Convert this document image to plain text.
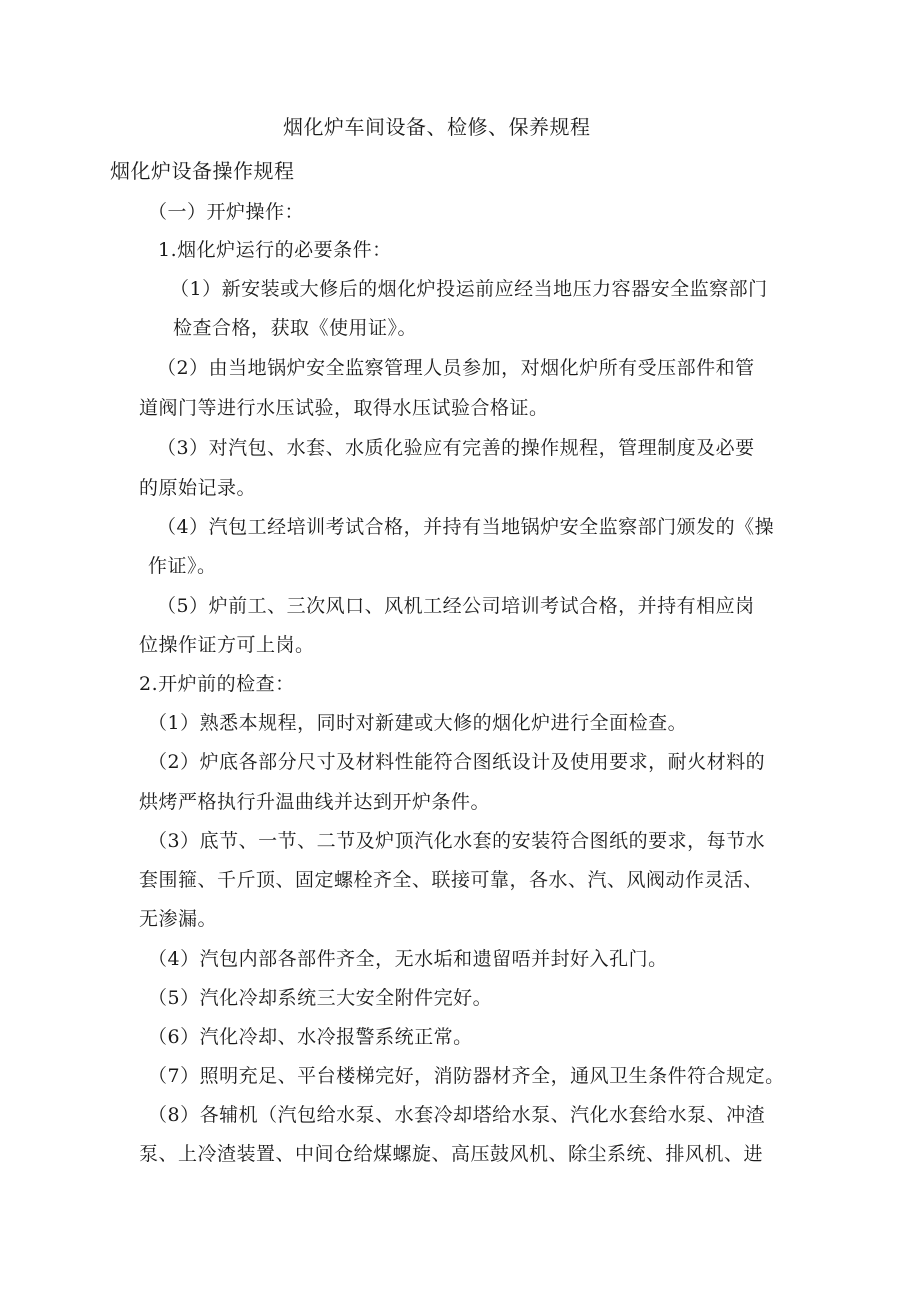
烟化炉车间设备、检修、保养规程
烟化炉设备操作规程
（一）开炉操作：
1.烟化炉运行的必要条件：
（1）新安装或大修后的烟化炉投运前应经当地压力容器安全监察部门
检查合格，获取《使用证》。
（2）由当地锅炉安全监察管理人员参加，对烟化炉所有受压部件和管
道阀门等进行水压试验，取得水压试验合格证。
（3）对汽包、水套、水质化验应有完善的操作规程，管理制度及必要
的原始记录。
（4）汽包工经培训考试合格，并持有当地锅炉安全监察部门颁发的《操
作证》。
（5）炉前工、三次风口、风机工经公司培训考试合格，并持有相应岗
位操作证方可上岗。
2.开炉前的检查：
（1）熟悉本规程，同时对新建或大修的烟化炉进行全面检查。
（2）炉底各部分尺寸及材料性能符合图纸设计及使用要求，耐火材料的
烘烤严格执行升温曲线并达到开炉条件。
（3）底节、一节、二节及炉顶汽化水套的安装符合图纸的要求，每节水
套围箍、千斤顶、固定螺栓齐全、联接可靠，各水、汽、风阀动作灵活、
无渗漏。
（4）汽包内部各部件齐全，无水垢和遗留唔并封好入孔门。
（5）汽化冷却系统三大安全附件完好。
（6）汽化冷却、水冷报警系统正常。
（7）照明充足、平台楼梯完好，消防器材齐全，通风卫生条件符合规定。
（8）各辅机（汽包给水泵、水套冷却塔给水泵、汽化水套给水泵、冲渣
泵、上冷渣装置、中间仓给煤螺旋、高压鼓风机、除尘系统、排风机、进
